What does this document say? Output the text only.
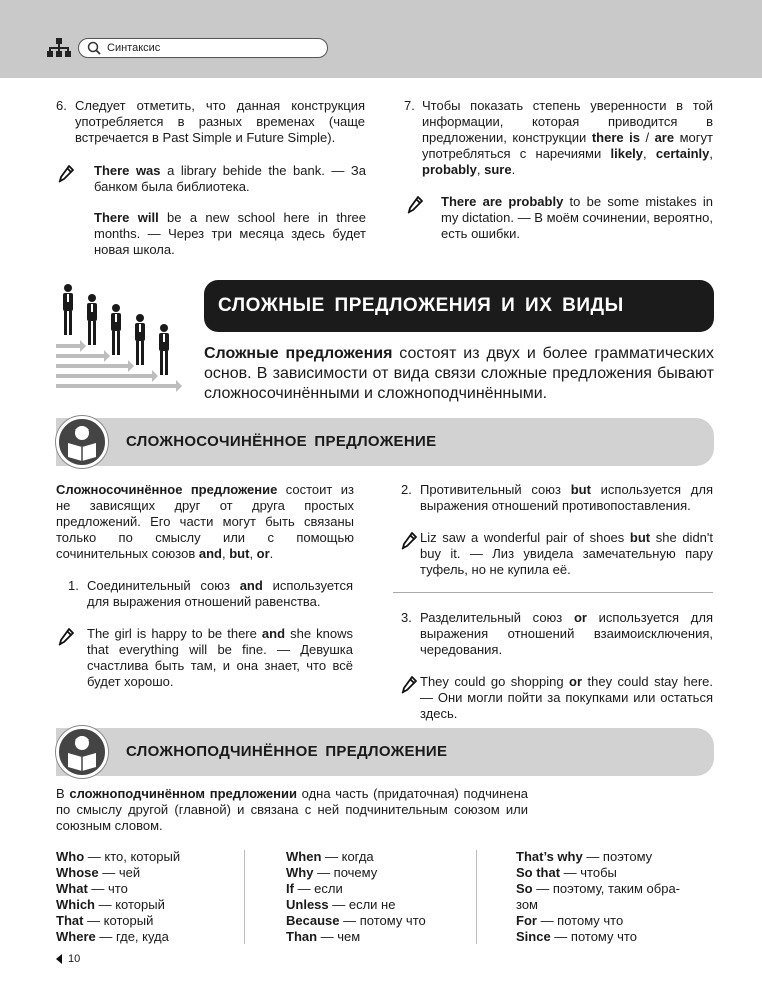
Синтаксис
6. Следует отметить, что данная конструкция употребляется в разных временах (чаще встречается в Past Simple и Future Simple).
There was a library behide the bank. — За банком была библиотека.
There will be a new school here in three months. — Через три месяца здесь будет новая школа.
7. Чтобы показать степень уверенности в той информации, которая приводится в предложении, конструкции there is / are могут употребляться с наречиями likely, certainly, probably, sure.
There are probably to be some mistakes in my dictation. — В моём сочинении, вероятно, есть ошибки.
СЛОЖНЫЕ ПРЕДЛОЖЕНИЯ И ИХ ВИДЫ
Сложные предложения состоят из двух и более грамматических основ. В зависимости от вида связи сложные предложения бывают сложносочинёнными и сложноподчинёнными.
СЛОЖНОСОЧИНЁННОЕ ПРЕДЛОЖЕНИЕ
Сложносочинённое предложение состоит из не зависящих друг от друга простых предложений. Его части могут быть связаны только по смыслу или с помощью сочинительных союзов and, but, or.
1. Соединительный союз and используется для выражения отношений равенства.
The girl is happy to be there and she knows that everything will be fine. — Девушка счастлива быть там, и она знает, что всё будет хорошо.
2. Противительный союз but используется для выражения отношений противопоставления.
Liz saw a wonderful pair of shoes but she didn't buy it. — Лиз увидела замечательную пару туфель, но не купила её.
3. Разделительный союз or используется для выражения отношений взаимоисключения, чередования.
They could go shopping or they could stay here. — Они могли пойти за покупками или остаться здесь.
СЛОЖНОПОДЧИНЁННОЕ ПРЕДЛОЖЕНИЕ
В сложноподчинённом предложении одна часть (придаточная) подчинена по смыслу другой (главной) и связана с ней подчинительным союзом или союзным словом.
Who — кто, который
Whose — чей
What — что
Which — который
That — который
Where — где, куда
When — когда
Why — почему
If — если
Unless — если не
Because — потому что
Than — чем
That’s why — поэтому
So that — чтобы
So — поэтому, таким обра-
зом
For — потому что
Since — потому что
10
